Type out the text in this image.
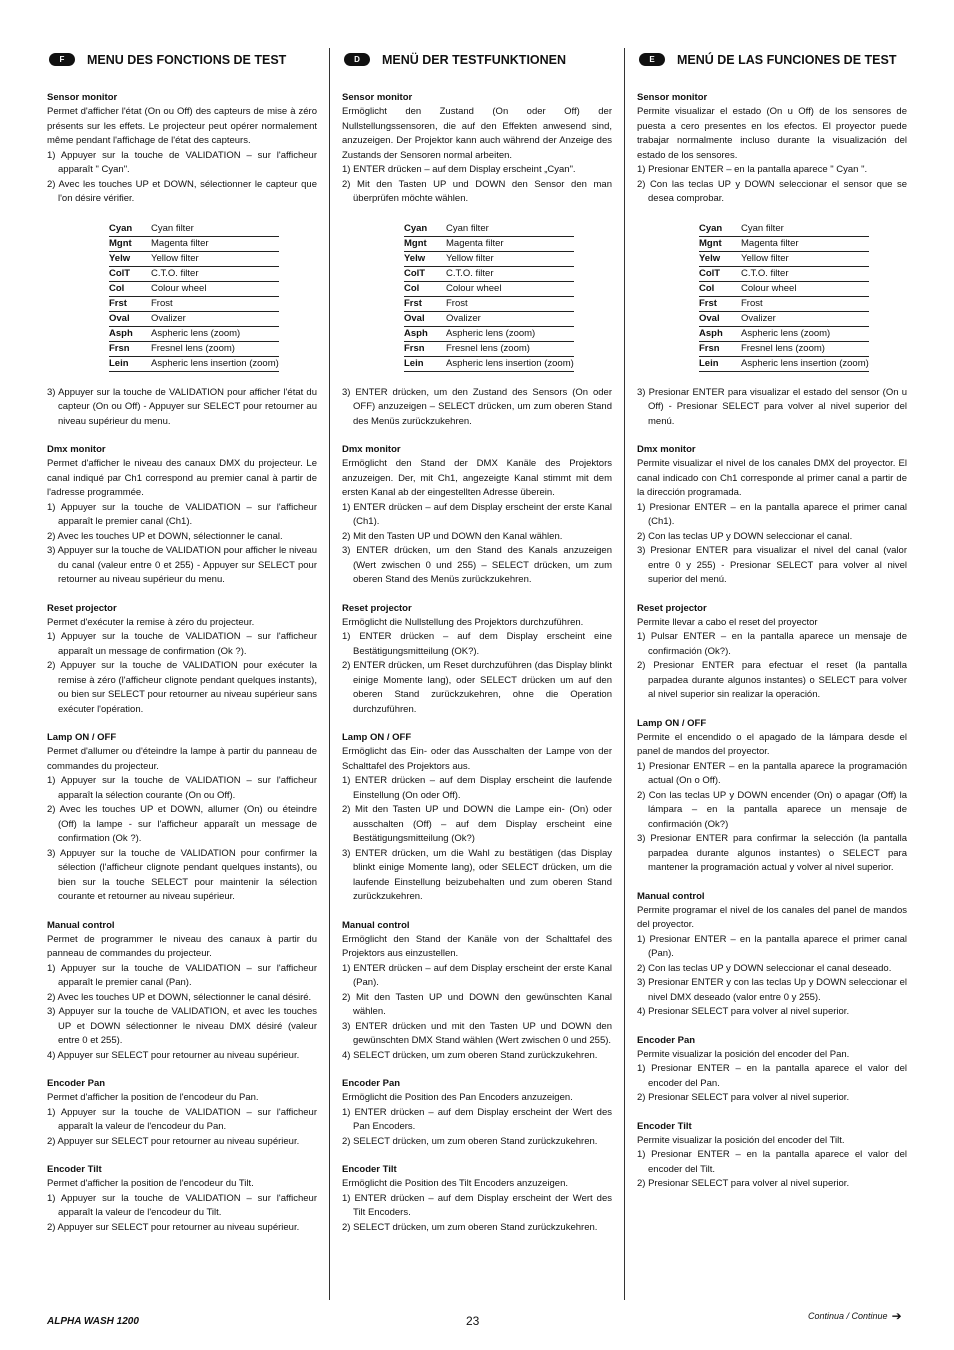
F	MENU DES FONCTIONS DE TEST

Sensor monitor

Permet d'afficher l'état (On ou Off) des capteurs de mise à zéro présents sur les effets. Le projecteur peut opérer normalement même pendant l'affichage de l'état des capteurs.

1) Appuyer sur la touche de VALIDATION – sur l'afficheur apparaît " Cyan".

2) Avec les touches UP et DOWN, sélectionner le capteur que l'on désire vérifier.

Cyan	Cyan filter
Mgnt	Magenta filter
Yelw	Yellow filter
ColT	C.T.O. filter
Col	Colour wheel
Frst	Frost
Oval	Ovalizer
Asph	Aspheric lens (zoom)
Frsn	Fresnel lens (zoom)
Lein	Aspheric lens insertion (zoom)

3) Appuyer sur la touche de VALIDATION pour afficher l'état du capteur (On ou Off) - Appuyer sur SELECT pour retourner au niveau supérieur du menu.

Dmx monitor

Permet d'afficher le niveau des canaux DMX du projecteur. Le canal indiqué par Ch1 correspond au premier canal à partir de l'adresse programmée.

1) Appuyer sur la touche de VALIDATION – sur l'afficheur apparaît le premier canal (Ch1).

2) Avec les touches UP et DOWN, sélectionner le canal.

3) Appuyer sur la touche de VALIDATION pour afficher le niveau du canal (valeur entre 0 et 255) - Appuyer sur SELECT pour retourner au niveau supérieur du menu.

Reset projector

Permet d'exécuter la remise à zéro du projecteur.

1) Appuyer sur la touche de VALIDATION – sur l'afficheur apparaît un message de confirmation (Ok ?).

2) Appuyer sur la touche de VALIDATION pour exécuter la remise à zéro (l'afficheur clignote pendant quelques instants), ou bien sur SELECT pour retourner au niveau supérieur sans exécuter l'opération.

Lamp ON / OFF

Permet d'allumer ou d'éteindre la lampe à partir du panneau de commandes du projecteur.

1) Appuyer sur la touche de VALIDATION – sur l'afficheur apparaît la sélection courante (On ou Off).

2) Avec les touches UP et DOWN, allumer (On) ou éteindre (Off) la lampe - sur l'afficheur apparaît un message de confirmation (Ok ?).

3) Appuyer sur la touche de VALIDATION pour confirmer la sélection (l'afficheur clignote pendant quelques instants), ou bien sur la touche SELECT pour maintenir la sélection courante et retourner au niveau supérieur.

Manual control

Permet de programmer le niveau des canaux à partir du panneau de commandes du projecteur.

1) Appuyer sur la touche de VALIDATION – sur l'afficheur apparaît le premier canal (Pan).

2) Avec les touches UP et DOWN, sélectionner le canal désiré.

3) Appuyer sur la touche de VALIDATION, et avec les touches UP et DOWN sélectionner le niveau DMX désiré (valeur entre 0 et 255).

4) Appuyer sur SELECT pour retourner au niveau supérieur.

Encoder Pan

Permet d'afficher la position de l'encodeur du Pan.

1) Appuyer sur la touche de VALIDATION – sur l'afficheur apparaît la valeur de l'encodeur du Pan.

2) Appuyer sur SELECT pour retourner au niveau supérieur.

Encoder Tilt

Permet d'afficher la position de l'encodeur du Tilt.

1) Appuyer sur la touche de VALIDATION – sur l'afficheur apparaît la valeur de l'encodeur du Tilt.

2) Appuyer sur SELECT pour retourner au niveau supérieur.

D	MENÜ DER TESTFUNKTIONEN

Sensor monitor

Ermöglicht den Zustand (On oder Off) der Nullstellungssensoren, die auf den Effekten anwesend sind, anzuzeigen. Der Projektor kann auch während der Anzeige des Zustands der Sensoren normal arbeiten.

1) ENTER drücken – auf dem Display erscheint „Cyan".

2) Mit den Tasten UP und DOWN den Sensor den man überprüfen möchte wählen.

Cyan	Cyan filter
Mgnt	Magenta filter
Yelw	Yellow filter
ColT	C.T.O. filter
Col	Colour wheel
Frst	Frost
Oval	Ovalizer
Asph	Aspheric lens (zoom)
Frsn	Fresnel lens (zoom)
Lein	Aspheric lens insertion (zoom)

3) ENTER drücken, um den Zustand des Sensors (On oder OFF) anzuzeigen – SELECT drücken, um zum oberen Stand des Menüs zurückzukehren.

Dmx monitor

Ermöglicht den Stand der DMX Kanäle des Projektors anzuzeigen. Der, mit Ch1, angezeigte Kanal stimmt mit dem ersten Kanal ab der eingestellten Adresse überein.

1) ENTER drücken – auf dem Display erscheint der erste Kanal (Ch1).

2) Mit den Tasten UP und DOWN den Kanal wählen.

3) ENTER drücken, um den Stand des Kanals anzuzeigen (Wert zwischen 0 und 255) – SELECT drücken, um zum oberen Stand des Menüs zurückzukehren.

Reset projector

Ermöglicht die Nullstellung des Projektors durchzuführen.

1) ENTER drücken – auf dem Display erscheint eine Bestätigungsmitteilung (OK?).

2) ENTER drücken, um Reset durchzuführen (das Display blinkt einige Momente lang), oder SELECT drücken um auf den oberen Stand zurückzukehren, ohne die Operation durchzuführen.

Lamp ON / OFF

Ermöglicht das Ein- oder das Ausschalten der Lampe von der Schalttafel des Projektors aus.

1) ENTER drücken – auf dem Display erscheint die laufende Einstellung (On oder Off).

2) Mit den Tasten UP und DOWN die Lampe ein- (On) oder ausschalten (Off) – auf dem Display erscheint eine Bestätigungsmitteilung (Ok?)

3) ENTER drücken, um die Wahl zu bestätigen (das Display blinkt einige Momente lang), oder SELECT drücken, um die laufende Einstellung beizubehalten und zum oberen Stand zurückzukehren.

Manual control

Ermöglicht den Stand der Kanäle von der Schalttafel des Projektors aus einzustellen.

1) ENTER drücken – auf dem Display erscheint der erste Kanal (Pan).

2) Mit den Tasten UP und DOWN den gewünschten Kanal wählen.

3) ENTER drücken und mit den Tasten UP und DOWN den gewünschten DMX Stand wählen (Wert zwischen 0 und 255).

4) SELECT drücken, um zum oberen Stand zurückzukehren.

Encoder Pan

Ermöglicht die Position des Pan Encoders anzuzeigen.

1) ENTER drücken – auf dem Display erscheint der Wert des Pan Encoders.

2) SELECT drücken, um zum oberen Stand zurückzukehren.

Encoder Tilt

Ermöglicht die Position des Tilt Encoders anzuzeigen.

1) ENTER drücken – auf dem Display erscheint der Wert des Tilt Encoders.

2) SELECT drücken, um zum oberen Stand zurückzukehren.

E	MENÚ DE LAS FUNCIONES DE TEST

Sensor monitor

Permite visualizar el estado (On u Off) de los sensores de puesta a cero presentes en los efectos. El proyector puede trabajar normalmente incluso durante la visualización del estado de los sensores.

1) Presionar ENTER – en la pantalla aparece " Cyan ".

2) Con las teclas UP y DOWN seleccionar el sensor que se desea comprobar.

Cyan	Cyan filter
Mgnt	Magenta filter
Yelw	Yellow filter
ColT	C.T.O. filter
Col	Colour wheel
Frst	Frost
Oval	Ovalizer
Asph	Aspheric lens (zoom)
Frsn	Fresnel lens (zoom)
Lein	Aspheric lens insertion (zoom)

3) Presionar ENTER para visualizar el estado del sensor (On u Off) - Presionar SELECT para volver al nivel superior del menú.

Dmx monitor

Permite visualizar el nivel de los canales DMX del proyector. El canal indicado con Ch1 corresponde al primer canal a partir de la dirección programada.

1) Presionar ENTER – en la pantalla aparece el primer canal (Ch1).

2) Con las teclas UP y DOWN seleccionar el canal.

3) Presionar ENTER para visualizar el nivel del canal (valor entre 0 y 255) - Presionar SELECT para volver al nivel superior del menú.

Reset projector

Permite llevar a cabo el reset del proyector

1) Pulsar ENTER – en la pantalla aparece un mensaje de confirmación (Ok?).

2) Presionar ENTER para efectuar el reset (la pantalla parpadea durante algunos instantes) o SELECT para volver al nivel superior sin realizar la operación.

Lamp ON / OFF

Permite el encendido o el apagado de la lámpara desde el panel de mandos del proyector.

1) Presionar ENTER – en la pantalla aparece la programación actual (On o Off).

2) Con las teclas UP y DOWN encender (On) o apagar (Off) la lámpara – en la pantalla aparece un mensaje de confirmación (Ok?)

3) Presionar ENTER para confirmar la selección (la pantalla parpadea durante algunos instantes) o SELECT para mantener la programación actual y volver al nivel superior.

Manual control

Permite programar el nivel de los canales del panel de mandos del proyector.

1) Presionar ENTER – en la pantalla aparece el primer canal (Pan).

2) Con las teclas UP y DOWN seleccionar el canal deseado.

3) Presionar ENTER y con las teclas Up y DOWN seleccionar el nivel DMX deseado (valor entre 0 y 255).

4) Presionar SELECT para volver al nivel superior.

Encoder Pan

Permite visualizar la posición del encoder del Pan.

1) Presionar ENTER – en la pantalla aparece el valor del encoder del Pan.

2) Presionar SELECT para volver al nivel superior.

Encoder Tilt

Permite visualizar la posición del encoder del Tilt.

1) Presionar ENTER – en la pantalla aparece el valor del encoder del Tilt.

2) Presionar SELECT para volver al nivel superior.

ALPHA WASH 1200	23	Continua / Continue ➔
